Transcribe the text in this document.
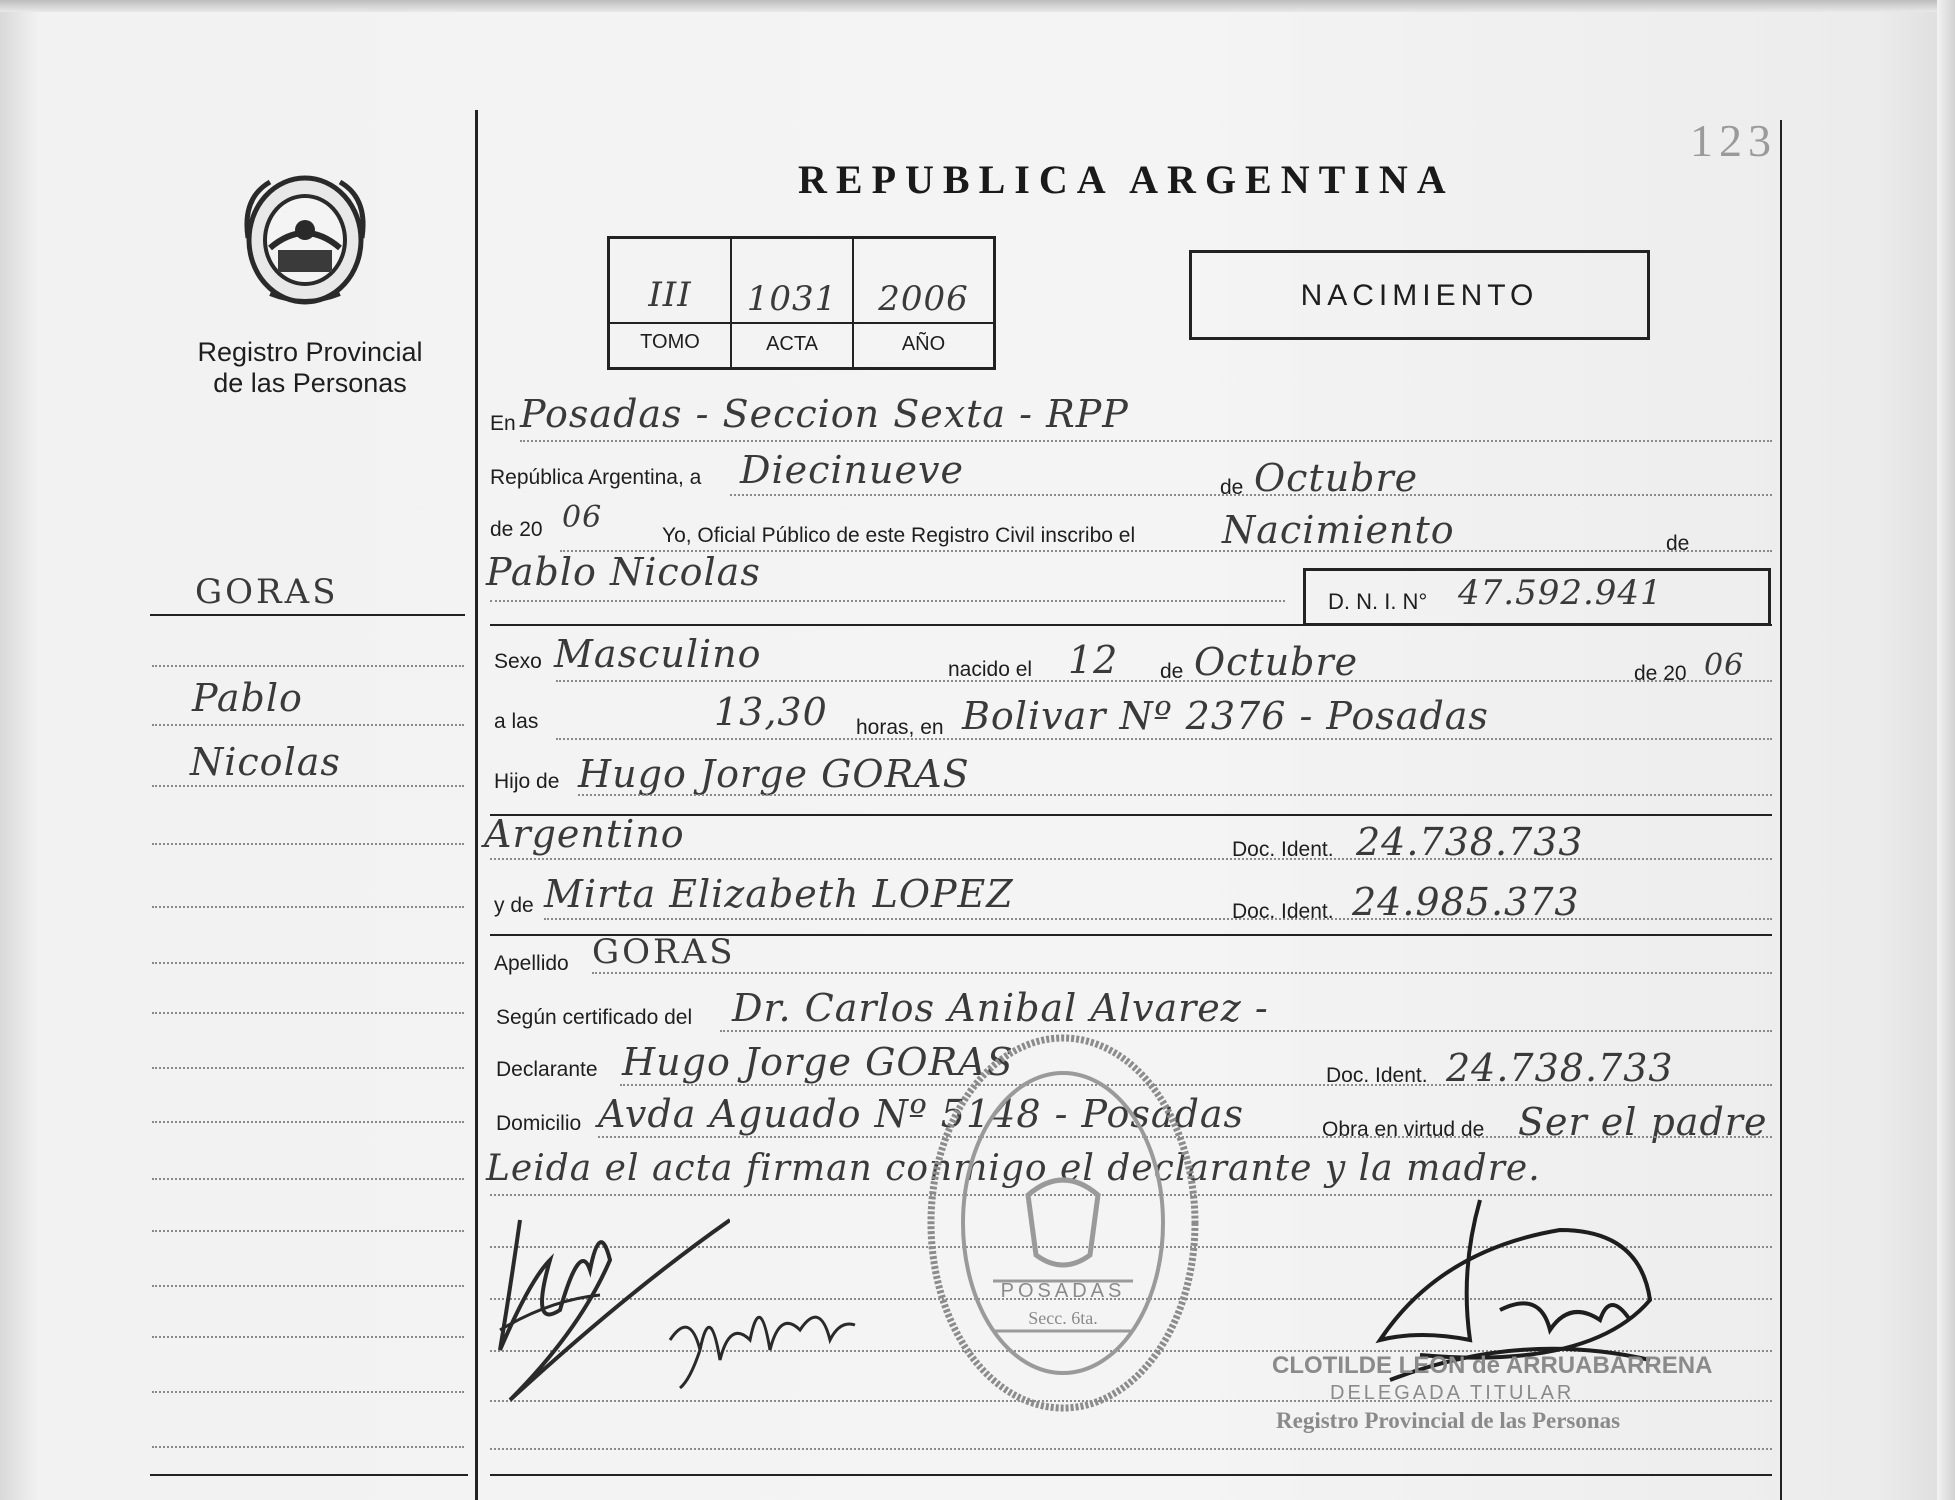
123
Registro Provincial
de las Personas
REPUBLICA ARGENTINA
III	1031	2006
TOMO	ACTA	AÑO
NACIMIENTO
GORAS
Pablo
Nicolas
En Posadas - Seccion Sexta - RPP
República Argentina, a Diecinueve	de Octubre
de 20 06
Yo, Oficial Público de este Registro Civil inscribo el Nacimiento	de
Pablo Nicolas
D. N. I. N° 47.592.941
Sexo Masculino	nacido el 12 de Octubre	de 20 06
a las	13,30 horas, en Bolivar Nº 2376 - Posadas
Hijo de Hugo Jorge GORAS
Argentino	Doc. Ident. 24.738.733
y de Mirta Elizabeth LOPEZ	Doc. Ident. 24.985.373
Apellido GORAS
Según certificado del Dr. Carlos Anibal Alvarez -
Declarante Hugo Jorge GORAS	Doc. Ident. 24.738.733
Domicilio Avda Aguado Nº 5148 - Posadas	Obra en virtud de Ser el padre
Leida el acta firman conmigo el declarante y la madre.
POSADAS
Secc. 6ta.
CLOTILDE LEON de ARRUABARRENA
DELEGADA TITULAR
Registro Provincial de las Personas
